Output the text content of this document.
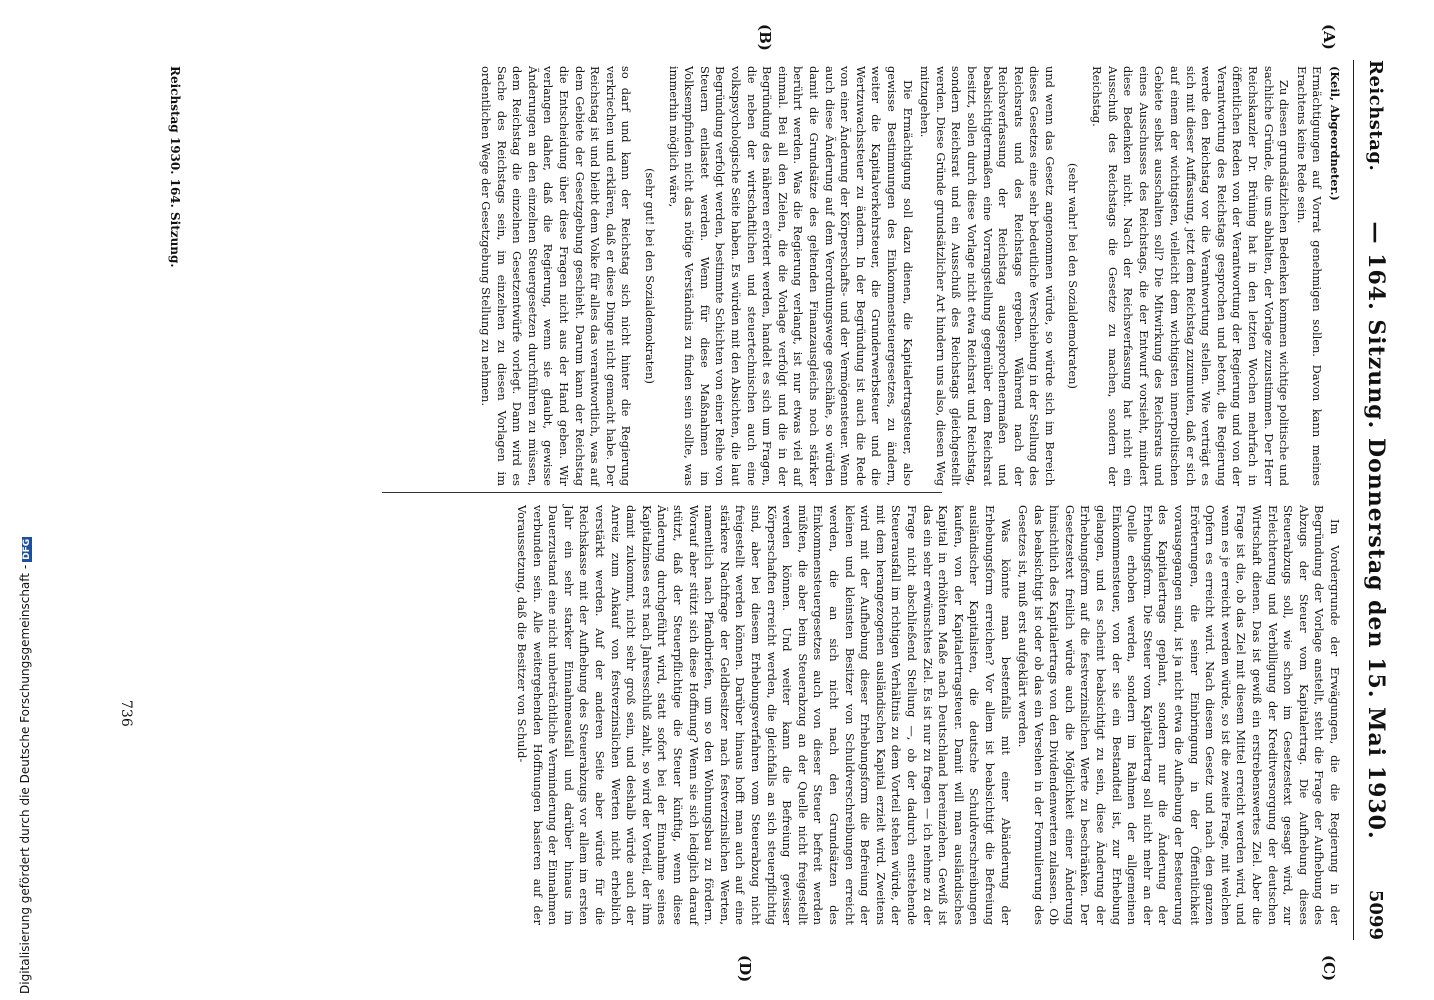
Digitalisierung gefördert durch die Deutsche Forschungsgemeinschaft -DFG
Reichstag.
— 164. Sitzung. Donnerstag den 15. Mai 1930.
5099
(A)
(B)
(C)
(D)

(Keil, Abgeordneter.)

Ermächtigungen auf Vorrat genehmigen sollen. Davon kann meines Erachtens keine Rede sein.

Zu diesen grundsätzlichen Bedenken kommen wichtige politische und sachliche Gründe, die uns abhalten, der Vorlage zuzustimmen. Der Herr Reichskanzler Dr. Brüning hat in den letzten Wochen mehrfach in öffentlichen Reden von der Verantwortung der Regierung und von der Verantwortung des Reichstags gesprochen und betont, die Regierung werde den Reichstag vor die Verantwortung stellen. Wie verträgt es sich mit dieser Auffassung, jetzt dem Reichstag zuzumuten, daß er sich auf einem der wichtigsten, vielleicht dem wichtigsten innerpolitischen Gebiete selbst ausschalten soll? Die Mitwirkung des Reichsrats und eines Ausschusses des Reichstags, die der Entwurf vorsieht, mindert diese Bedenken nicht. Nach der Reichsverfassung hat nicht ein Ausschuß des Reichstags die Gesetze zu machen, sondern der Reichstag.

(sehr wahr! bei den Sozialdemokraten)

und wenn das Gesetz angenommen würde, so würde sich im Bereich dieses Gesetzes eine sehr bedeutliche Verschiebung in der Stellung des Reichsrats und des Reichstags ergeben. Während nach der Reichsverfassung der Reichstag ausgesprochenermaßen und beabsichtigtermaßen eine Vorrangstellung gegenüber dem Reichsrat besitzt, sollen durch diese Vorlage nicht etwa Reichsrat und Reichstag, sondern Reichsrat und ein Ausschuß des Reichstags gleichgestellt werden. Diese Gründe grundsätzlicher Art hindern uns also, diesen Weg mitzugehen.

Die Ermächtigung soll dazu dienen, die Kapitalertragsteuer, also gewisse Bestimmungen des Einkommensteuergesetzes, zu ändern, weiter die Kapitalverkehrsteuer, die Grunderwerbsteuer und die Wertzuwachssteuer zu ändern. In der Begründung ist auch die Rede von einer Änderung der Körperschafts- und der Vermögensteuer. Wenn auch diese Änderung auf dem Verordnungswege geschähe, so würden damit die Grundsätze des geltenden Finanzausgleichs noch stärker berührt werden. Was die Regierung verlangt, ist nur etwas viel auf einmal. Bei all den Zielen, die die Vorlage verfolgt und die in der Begründung des näheren erörtert werden, handelt es sich um Fragen, die neben der wirtschaftlichen und steuertechnischen auch eine volkspsychologische Seite haben. Es würden mit den Absichten, die laut Begründung verfolgt werden, bestimmte Schichten von einer Reihe von Steuern entlastet werden. Wenn für diese Maßnahmen im Volksempfinden nicht das nötige Verständnis zu finden sein sollte, was immerhin möglich wäre,

(sehr gut! bei den Sozialdemokraten)

so darf und kann der Reichstag sich nicht hinter die Regierung verkriechen und erklären, daß er diese Dinge nicht gemacht habe. Der Reichstag ist und bleibt dem Volke für alles das verantwortlich, was auf dem Gebiete der Gesetzgebung geschieht. Darum kann der Reichstag die Entscheidung über diese Fragen nicht aus der Hand geben. Wir verlangen daher, daß die Regierung, wenn sie glaubt, gewisse Änderungen an den einzelnen Steuergesetzen durchführen zu müssen, dem Reichstag die einzelnen Gesetzentwürfe vorlegt. Dann wird es Sache des Reichstags sein, im einzelnen zu diesen Vorlagen im ordentlichen Wege der Gesetzgebung Stellung zu nehmen.

Im Vordergrunde der Erwägungen, die die Regierung in der Begründung der Vorlage anstellt, steht die Frage der Aufhebung des Abzugs der Steuer vom Kapitalertrag. Die Aufhebung dieses Steuerabzugs soll, wie schon im Gesetzestext gesagt wird, zur Erleichterung und Verbilligung der Kreditversorgung der deutschen Wirtschaft dienen. Das ist gewiß ein erstrebenswertes Ziel. Aber die Frage ist die, ob das Ziel mit diesem Mittel erreicht werden wird, und wenn es je erreicht werden würde, so ist die zweite Frage, mit welchen Opfern es erreicht wird. Nach diesem Gesetz und nach den ganzen Erörterungen, die seiner Einbringung in der Öffentlichkeit vorausgegangen sind, ist ja nicht etwa die Aufhebung der Besteuerung des Kapitalertrags geplant, sondern nur die Änderung der Erhebungsform. Die Steuer vom Kapitalertrag soll nicht mehr an der Quelle erhoben werden, sondern im Rahmen der allgemeinen Einkommensteuer, von der sie ein Bestandteil ist, zur Erhebung gelangen, und es scheint beabsichtigt zu sein, diese Änderung der Erhebungsform auf die festverzinslichen Werte zu beschränken. Der Gesetzestext freilich würde auch die Möglichkeit einer Änderung hinsichtlich des Kapitalertrags von den Dividendenwerten zulassen. Ob das beabsichtigt ist oder ob das ein Versehen in der Formulierung des Gesetzes ist, muß erst aufgeklärt werden.

Was könnte man bestenfalls mit einer Abänderung der Erhebungsform erreichen? Vor allem ist beabsichtigt die Befreiung ausländischer Kapitalisten, die deutsche Schuldverschreibungen kaufen, von der Kapitalertragsteuer. Damit will man ausländisches Kapital in erhöhtem Maße nach Deutschland hereinziehen. Gewiß ist das ein sehr erwünschtes Ziel. Es ist nur zu fragen — ich nehme zu der Frage nicht abschließend Stellung —, ob der dadurch entstehende Steuerausfall im richtigen Verhältnis zu dem Vorteil stehen würde, der mit dem herangezogenen ausländischen Kapital erzielt wird. Zweitens wird mit der Aufhebung dieser Erhebungsform die Befreiung der kleinen und kleinsten Besitzer von Schuldverschreibungen erreicht werden, die an sich nicht nach den Grundsätzen des Einkommensteuergesetzes auch von dieser Steuer befreit werden müßten, die aber beim Steuerabzug an der Quelle nicht freigestellt werden können. Und weiter kann die Befreiung gewisser Körperschaften erreicht werden, die gleichfalls an sich steuerpflichtig sind, aber bei diesem Erhebungsverfahren vom Steuerabzug nicht freigestellt werden können. Darüber hinaus hofft man auch auf eine stärkere Nachfrage der Geldbesitzer nach festverzinslichen Werten, namentlich nach Pfandbriefen, um so den Wohnungsbau zu fördern. Worauf aber stützt sich diese Hoffnung? Wenn sie sich lediglich darauf stützt, daß der Steuerpflichtige die Steuer künftig, wenn diese Änderung durchgeführt wird, statt sofort bei der Einnahme seines Kapitalzinses erst nach Jahresschluß zahlt, so wird der Vorteil, der ihm damit zukommt, nicht sehr groß sein, und deshalb würde auch der Anreiz zum Ankauf von festverzinslichen Werten nicht erheblich verstärkt werden. Auf der anderen Seite aber würde für die Reichskasse mit der Aufhebung des Steuerabzugs vor allem im ersten Jahr ein sehr starker Einnahmeausfall und darüber hinaus im Dauerzustand eine nicht unbeträchtliche Verminderung der Einnahmen verbunden sein. Alle weitergehenden Hoffnungen basieren auf der Voraussetzung, daß die Besitzer von Schuld-

Reichstag 1930. 164. Sitzung.
736
